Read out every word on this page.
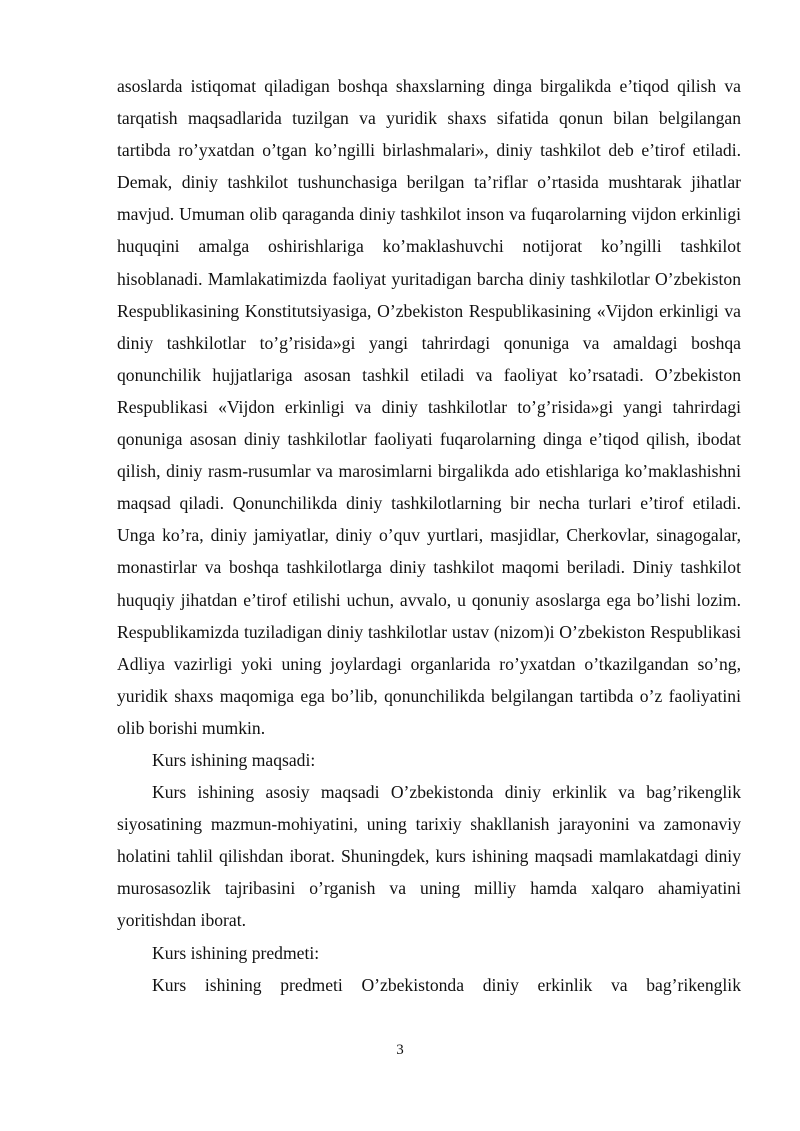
asoslarda istiqomat qiladigan boshqa shaxslarning dinga birgalikda e’tiqod qilish va tarqatish maqsadlarida tuzilgan va yuridik shaxs sifatida qonun bilan belgilangan tartibda ro’yxatdan o’tgan ko’ngilli birlashmalari», diniy tashkilot deb e’tirof etiladi. Demak, diniy tashkilot tushunchasiga berilgan ta’riflar o’rtasida mushtarak jihatlar mavjud. Umuman olib qaraganda diniy tashkilot inson va fuqarolarning vijdon erkinligi huquqini amalga oshirishlariga ko’maklashuvchi notijorat ko’ngilli tashkilot hisoblanadi. Mamlakatimizda faoliyat yuritadigan barcha diniy tashkilotlar O’zbekiston Respublikasining Konstitutsiyasiga, O’zbekiston Respublikasining «Vijdon erkinligi va diniy tashkilotlar to’g’risida»gi yangi tahrirdagi qonuniga va amaldagi boshqa qonunchilik hujjatlariga asosan tashkil etiladi va faoliyat ko’rsatadi. O’zbekiston Respublikasi «Vijdon erkinligi va diniy tashkilotlar to’g’risida»gi yangi tahrirdagi qonuniga asosan diniy tashkilotlar faoliyati fuqarolarning dinga e’tiqod qilish, ibodat qilish, diniy rasm-rusumlar va marosimlarni birgalikda ado etishlariga ko’maklashishni maqsad qiladi. Qonunchilikda diniy tashkilotlarning bir necha turlari e’tirof etiladi. Unga ko’ra, diniy jamiyatlar, diniy o’quv yurtlari, masjidlar, Cherkovlar, sinagogalar, monastirlar va boshqa tashkilotlarga diniy tashkilot maqomi beriladi. Diniy tashkilot huquqiy jihatdan e’tirof etilishi uchun, avvalo, u qonuniy asoslarga ega bo’lishi lozim. Respublikamizda tuziladigan diniy tashkilotlar ustav (nizom)i O’zbekiston Respublikasi Adliya vazirligi yoki uning joylardagi organlarida ro’yxatdan o’tkazilgandan so’ng, yuridik shaxs maqomiga ega bo’lib, qonunchilikda belgilangan tartibda o’z faoliyatini olib borishi mumkin.

Kurs ishining maqsadi:

Kurs ishining asosiy maqsadi O’zbekistonda diniy erkinlik va bag’rikenglik siyosatining mazmun-mohiyatini, uning tarixiy shakllanish jarayonini va zamonaviy holatini tahlil qilishdan iborat. Shuningdek, kurs ishining maqsadi mamlakatdagi diniy murosasozlik tajribasini o’rganish va uning milliy hamda xalqaro ahamiyatini yoritishdan iborat.

Kurs ishining predmeti:

Kurs ishining predmeti O’zbekistonda diniy erkinlik va bag’rikenglik

3
